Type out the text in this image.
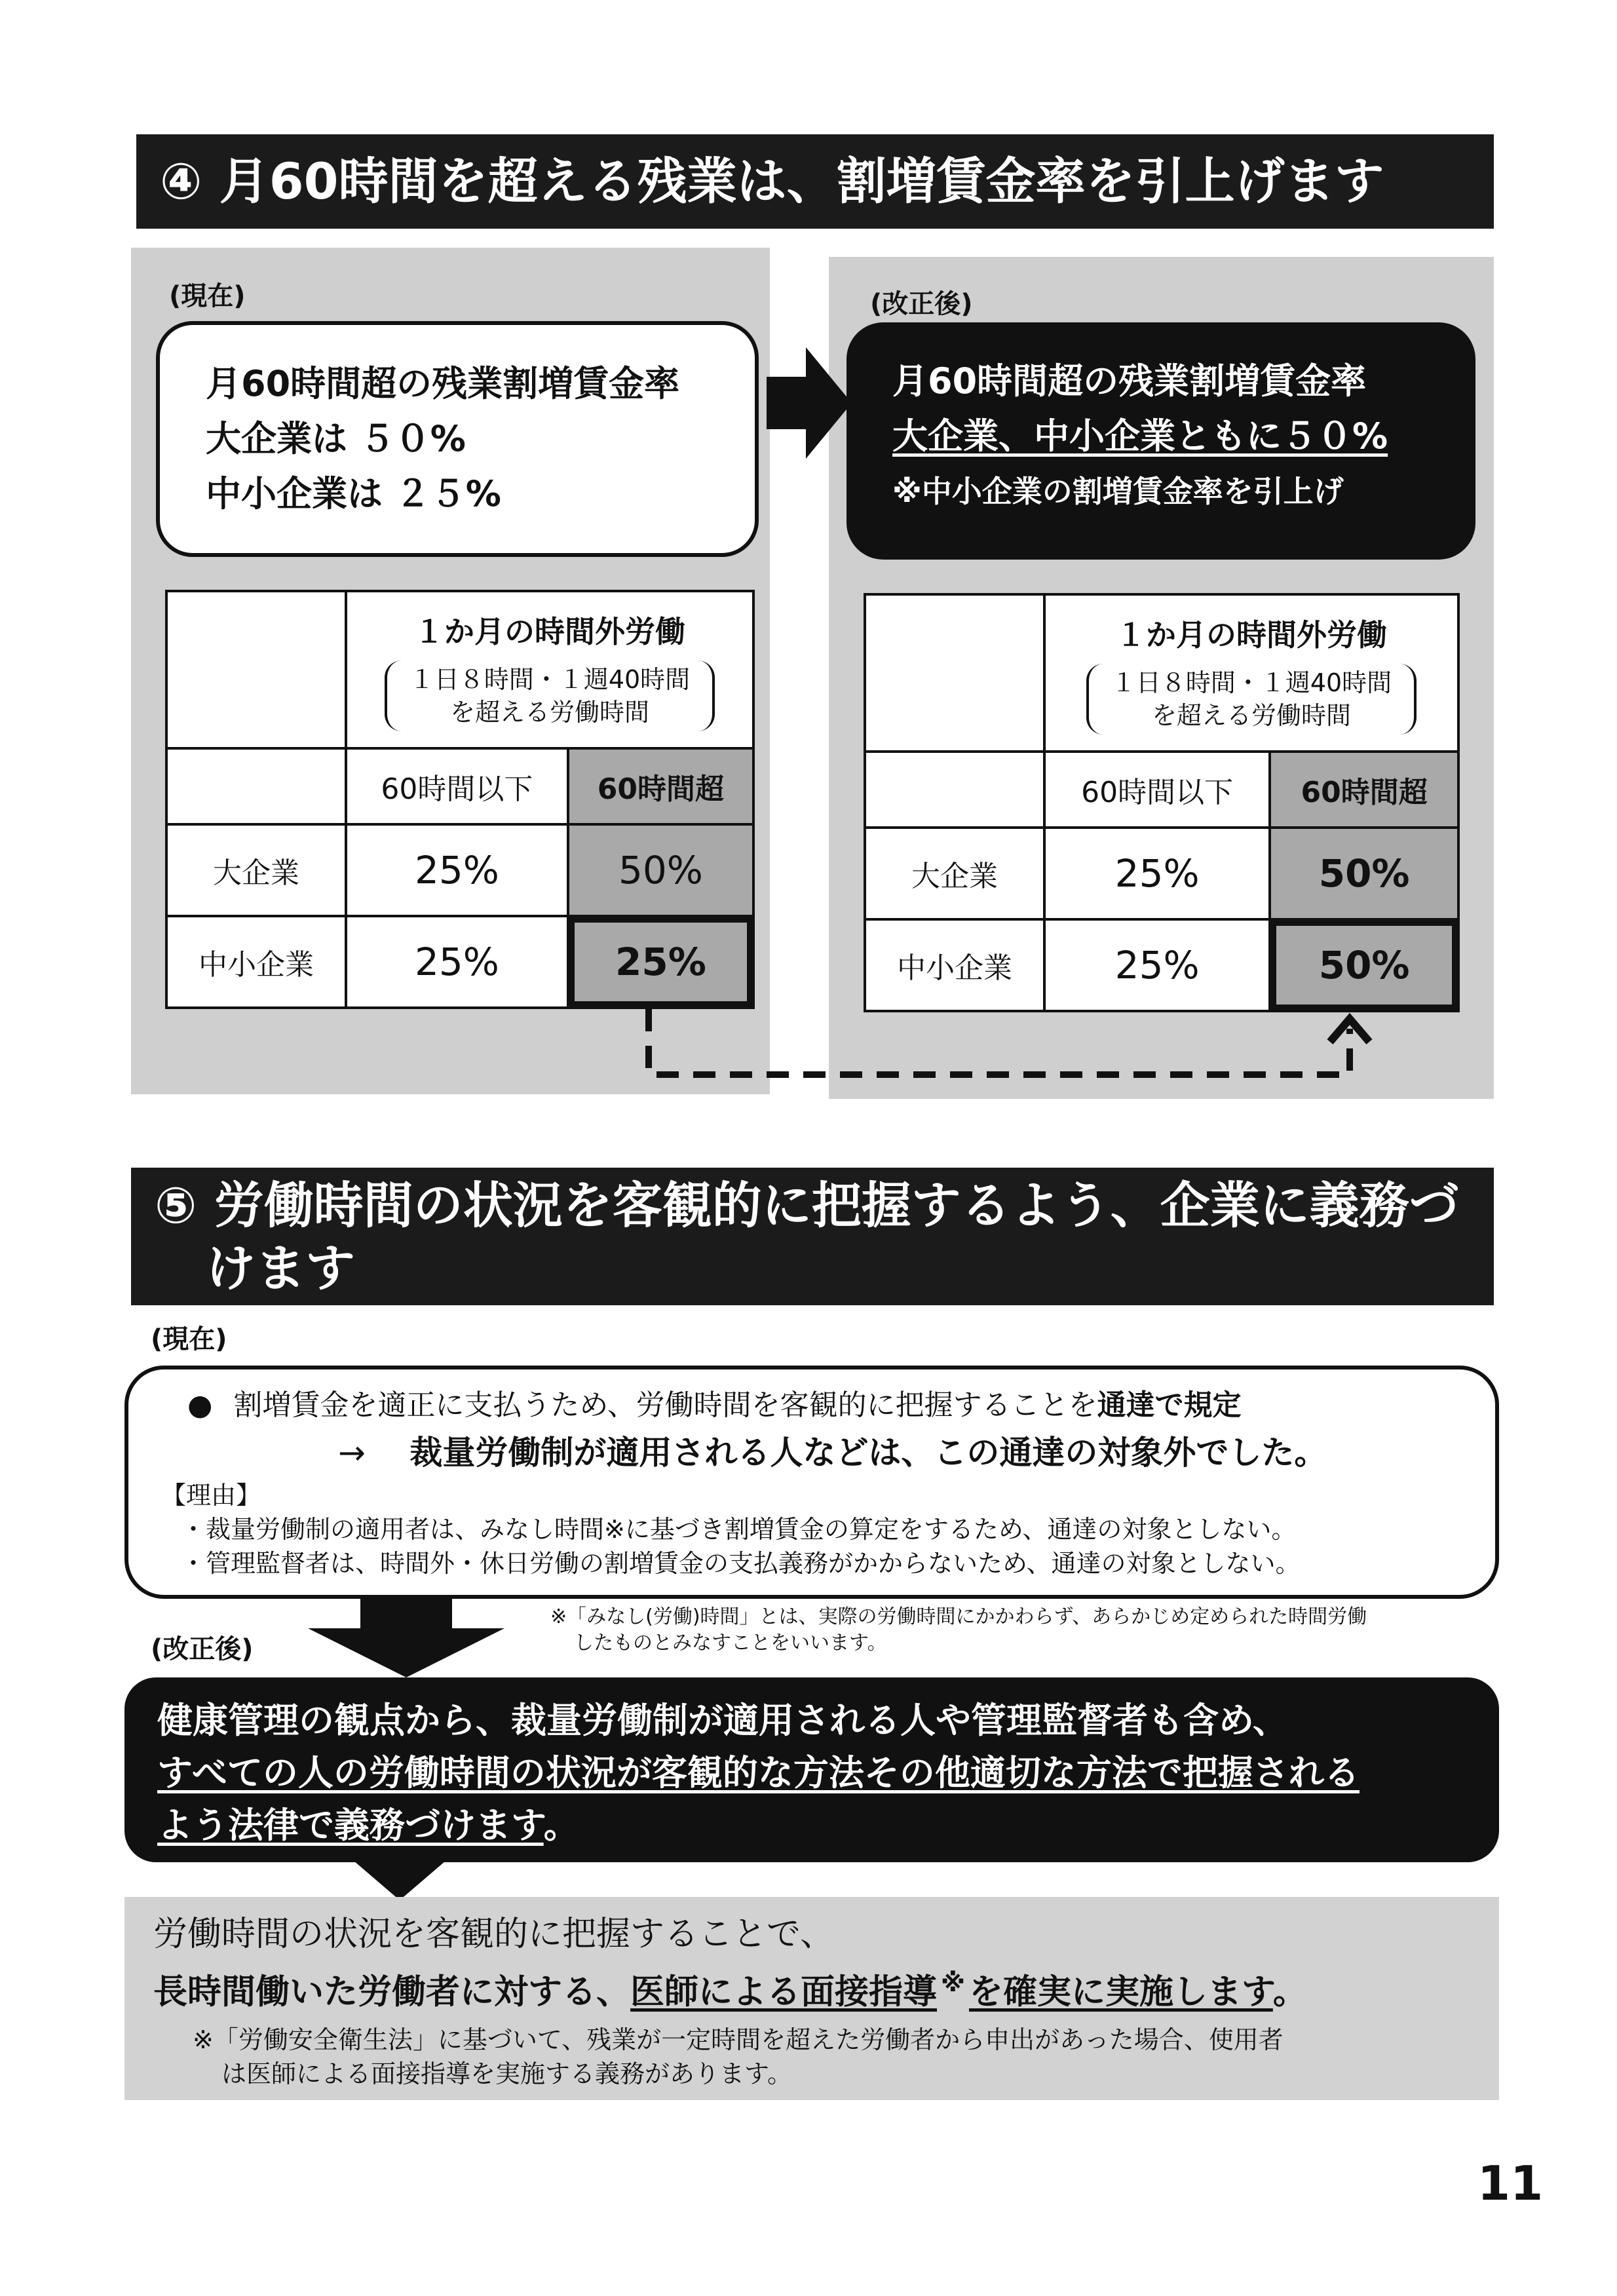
④ 月60時間を超える残業は、割増賃金率を引上げます
(現在)	(改正後)
月60時間超の残業割増賃金率
大企業は ５０%
中小企業は ２５%
月60時間超の残業割増賃金率
大企業、中小企業ともに５０%
※中小企業の割増賃金率を引上げ

	１か月の時間外労働
１日８時間・１週40時間
を超える労働時間	

	60時間以下	60時間超
大企業	25%	50%
中小企業	25%	25%

	１か月の時間外労働
１日８時間・１週40時間
を超える労働時間	

	60時間以下	60時間超
大企業	25%	50%
中小企業	25%	50%
⑤ 労働時間の状況を客観的に把握するよう、企業に義務づ
けます
(現在)
● 割増賃金を適正に支払うため、労働時間を客観的に把握することを通達で規定
→ 裁量労働制が適用される人などは、この通達の対象外でした。
【理由】
・裁量労働制の適用者は、みなし時間※に基づき割増賃金の算定をするため、通達の対象としない。
・管理監督者は、時間外・休日労働の割増賃金の支払義務がかからないため、通達の対象としない。
(改正後)
※「みなし(労働)時間」とは、実際の労働時間にかかわらず、あらかじめ定められた時間労働
したものとみなすことをいいます。
健康管理の観点から、裁量労働制が適用される人や管理監督者も含め、
すべての人の労働時間の状況が客観的な方法その他適切な方法で把握される
よう法律で義務づけます。
労働時間の状況を客観的に把握することで、
長時間働いた労働者に対する、医師による面接指導 ※ を確実に実施します。
※「労働安全衛生法」に基づいて、残業が一定時間を超えた労働者から申出があった場合、使用者
は医師による面接指導を実施する義務があります。
11
